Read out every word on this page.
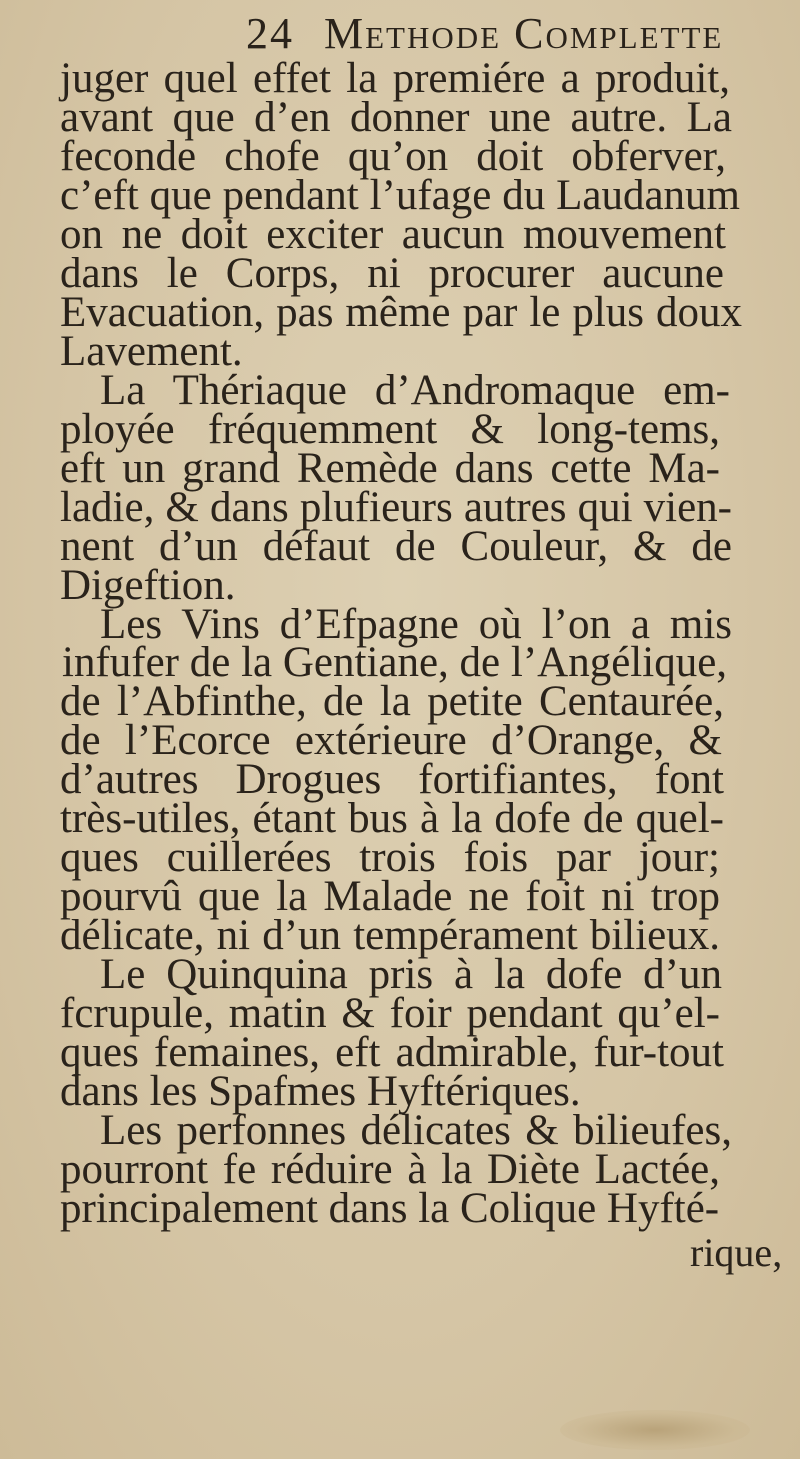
24 Methode Complette
juger quel effet la premiére a produit,
avant que d’en donner une autre. La
feconde chofe qu’on doit obferver,
c’eft que pendant l’ufage du Laudanum
on ne doit exciter aucun mouvement
dans le Corps, ni procurer aucune
Evacuation, pas même par le plus doux
Lavement.
La Thériaque d’Andromaque em-
ployée fréquemment & long-tems,
eft un grand Remède dans cette Ma-
ladie, & dans plufieurs autres qui vien-
nent d’un défaut de Couleur, & de
Digeftion.
Les Vins d’Efpagne où l’on a mis
infufer de la Gentiane, de l’Angélique,
de l’Abfinthe, de la petite Centaurée,
de l’Ecorce extérieure d’Orange, &
d’autres Drogues fortifiantes, font
très-utiles, étant bus à la dofe de quel-
ques cuillerées trois fois par jour;
pourvû que la Malade ne foit ni trop
délicate, ni d’un tempérament bilieux.
Le Quinquina pris à la dofe d’un
fcrupule, matin & foir pendant qu’el-
ques femaines, eft admirable, fur-tout
dans les Spafmes Hyftériques.
Les perfonnes délicates & bilieufes,
pourront fe réduire à la Diète Lactée,
principalement dans la Colique Hyfté-
rique,
